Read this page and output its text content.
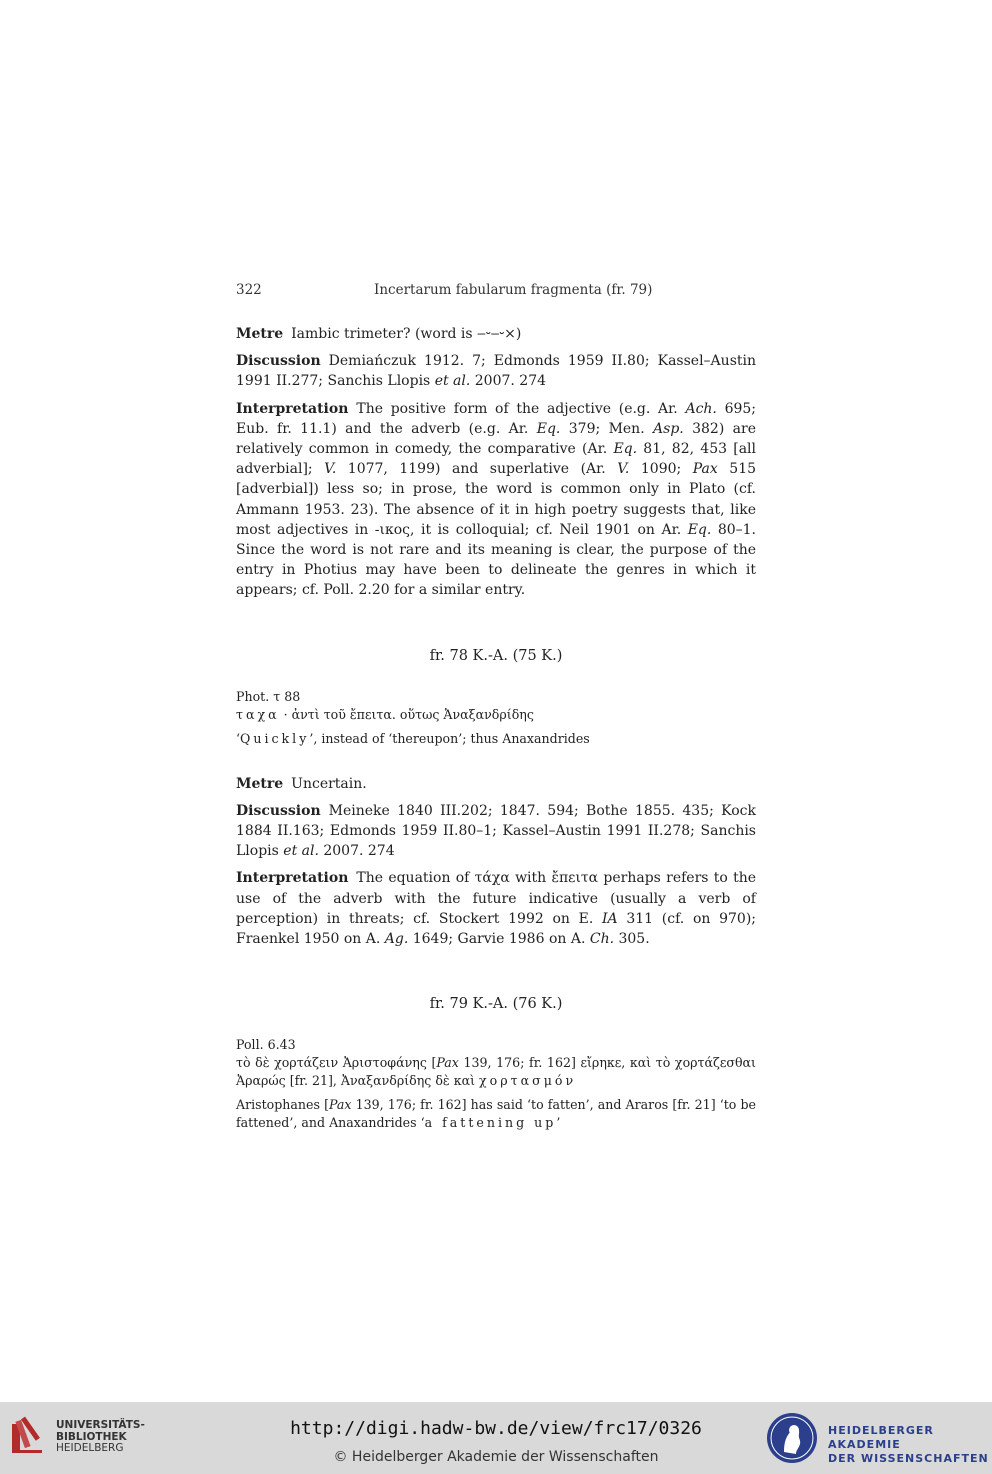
322	Incertarum fabularum fragmenta (fr. 79)

Metre Iambic trimeter? (word is ‒⏑‒⏑×)

Discussion Demiańczuk 1912. 7; Edmonds 1959 II.80; Kassel–Austin 1991 II.277; Sanchis Llopis et al. 2007. 274

Interpretation The positive form of the adjective (e.g. Ar. Ach. 695; Eub. fr. 11.1) and the adverb (e.g. Ar. Eq. 379; Men. Asp. 382) are relatively common in comedy, the comparative (Ar. Eq. 81, 82, 453 [all adverbial]; V. 1077, 1199) and superlative (Ar. V. 1090; Pax 515 [adverbial]) less so; in prose, the word is common only in Plato (cf. Ammann 1953. 23). The absence of it in high poetry suggests that, like most adjectives in -ικος, it is colloquial; cf. Neil 1901 on Ar. Eq. 80–1. Since the word is not rare and its meaning is clear, the purpose of the entry in Photius may have been to delineate the genres in which it appears; cf. Poll. 2.20 for a similar entry.

fr. 78 K.-A. (75 K.)

Phot. τ 88

ταχα · ἀντὶ τοῦ ἔπειτα. οὕτως Ἀναξανδρίδης

‘Quickly’, instead of ‘thereupon’; thus Anaxandrides

Metre Uncertain.

Discussion Meineke 1840 III.202; 1847. 594; Bothe 1855. 435; Kock 1884 II.163; Edmonds 1959 II.80–1; Kassel–Austin 1991 II.278; Sanchis Llopis et al. 2007. 274

Interpretation The equation of τάχα with ἔπειτα perhaps refers to the use of the adverb with the future indicative (usually a verb of perception) in threats; cf. Stockert 1992 on E. IA 311 (cf. on 970); Fraenkel 1950 on A. Ag. 1649; Garvie 1986 on A. Ch. 305.

fr. 79 K.-A. (76 K.)

Poll. 6.43

τὸ δὲ χορτάζειν Ἀριστοφάνης [Pax 139, 176; fr. 162] εἴρηκε, καὶ τὸ χορτάζεσθαι Ἀραρώς [fr. 21], Ἀναξανδρίδης δὲ καὶ χορτασμόν

Aristophanes [Pax 139, 176; fr. 162] has said ‘to fatten’, and Araros [fr. 21] ‘to be fattened’, and Anaxandrides ‘a fattening up’

UNIVERSITÄTS-
BIBLIOTHEK
HEIDELBERG
http://digi.hadw-bw.de/view/frc17/0326
© Heidelberger Akademie der Wissenschaften
HEIDELBERGER AKADEMIE
DER WISSENSCHAFTEN
